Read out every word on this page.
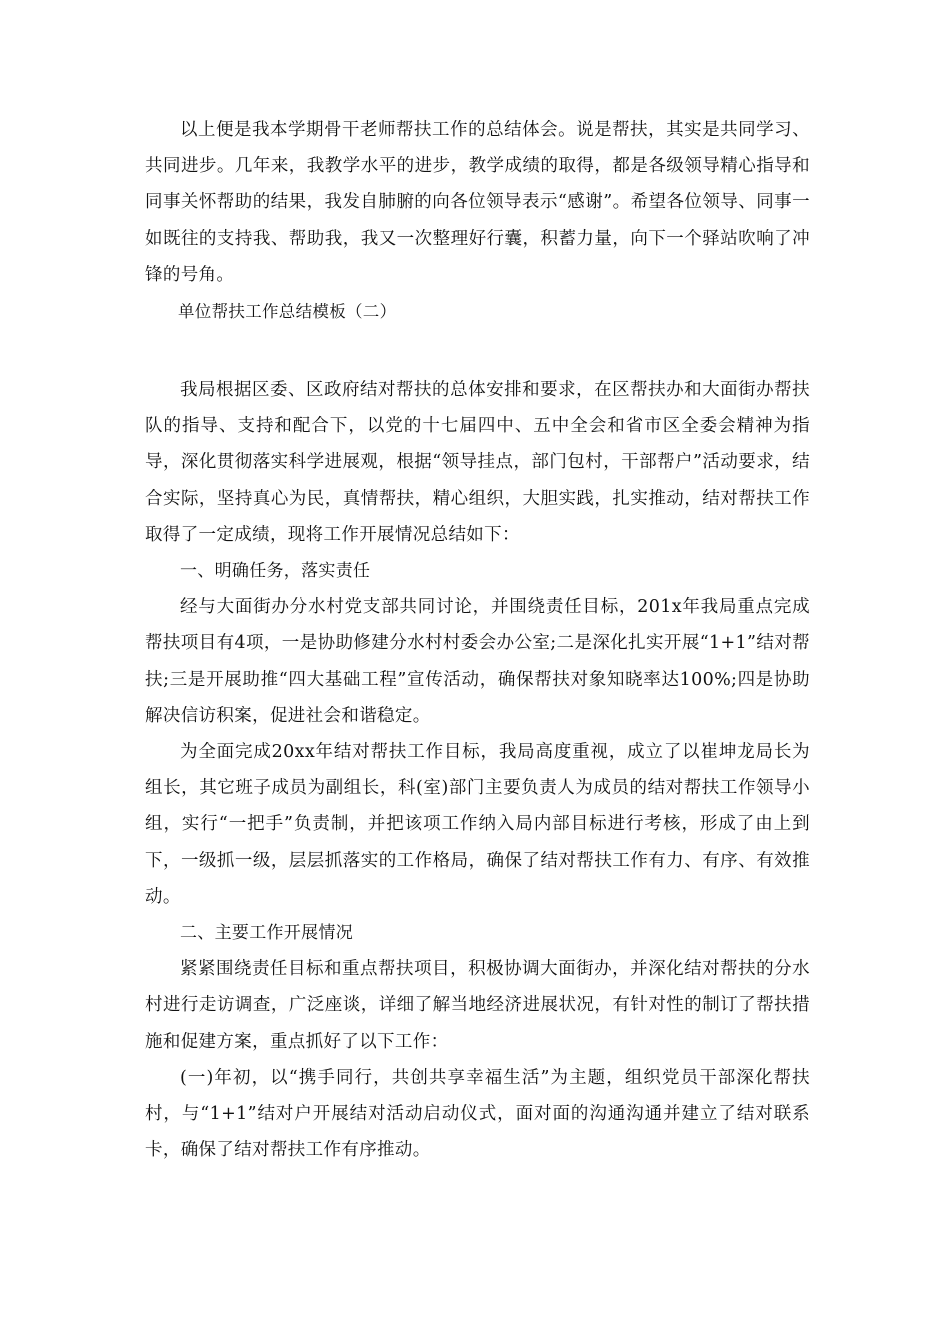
以上便是我本学期骨干老师帮扶工作的总结体会。说是帮扶，其实是共同学习、共同进步。几年来，我教学水平的进步，教学成绩的取得，都是各级领导精心指导和同事关怀帮助的结果，我发自肺腑的向各位领导表示“感谢”。希望各位领导、同事一如既往的支持我、帮助我，我又一次整理好行囊，积蓄力量，向下一个驿站吹响了冲锋的号角。

单位帮扶工作总结模板（二）

我局根据区委、区政府结对帮扶的总体安排和要求，在区帮扶办和大面街办帮扶队的指导、支持和配合下，以党的十七届四中、五中全会和省市区全委会精神为指导，深化贯彻落实科学进展观，根据“领导挂点，部门包村，干部帮户”活动要求，结合实际，坚持真心为民，真情帮扶，精心组织，大胆实践，扎实推动，结对帮扶工作取得了一定成绩，现将工作开展情况总结如下：

一、明确任务，落实责任

经与大面街办分水村党支部共同讨论，并围绕责任目标，201x年我局重点完成帮扶项目有4项，一是协助修建分水村村委会办公室;二是深化扎实开展“1+1”结对帮扶;三是开展助推“四大基础工程”宣传活动，确保帮扶对象知晓率达100%;四是协助解决信访积案，促进社会和谐稳定。

为全面完成20xx年结对帮扶工作目标，我局高度重视，成立了以崔坤龙局长为组长，其它班子成员为副组长，科(室)部门主要负责人为成员的结对帮扶工作领导小组，实行“一把手”负责制，并把该项工作纳入局内部目标进行考核，形成了由上到下，一级抓一级，层层抓落实的工作格局，确保了结对帮扶工作有力、有序、有效推动。

二、主要工作开展情况

紧紧围绕责任目标和重点帮扶项目，积极协调大面街办，并深化结对帮扶的分水村进行走访调查，广泛座谈，详细了解当地经济进展状况，有针对性的制订了帮扶措施和促建方案，重点抓好了以下工作：

(一)年初，以“携手同行，共创共享幸福生活”为主题，组织党员干部深化帮扶村，与“1+1”结对户开展结对活动启动仪式，面对面的沟通沟通并建立了结对联系卡，确保了结对帮扶工作有序推动。
